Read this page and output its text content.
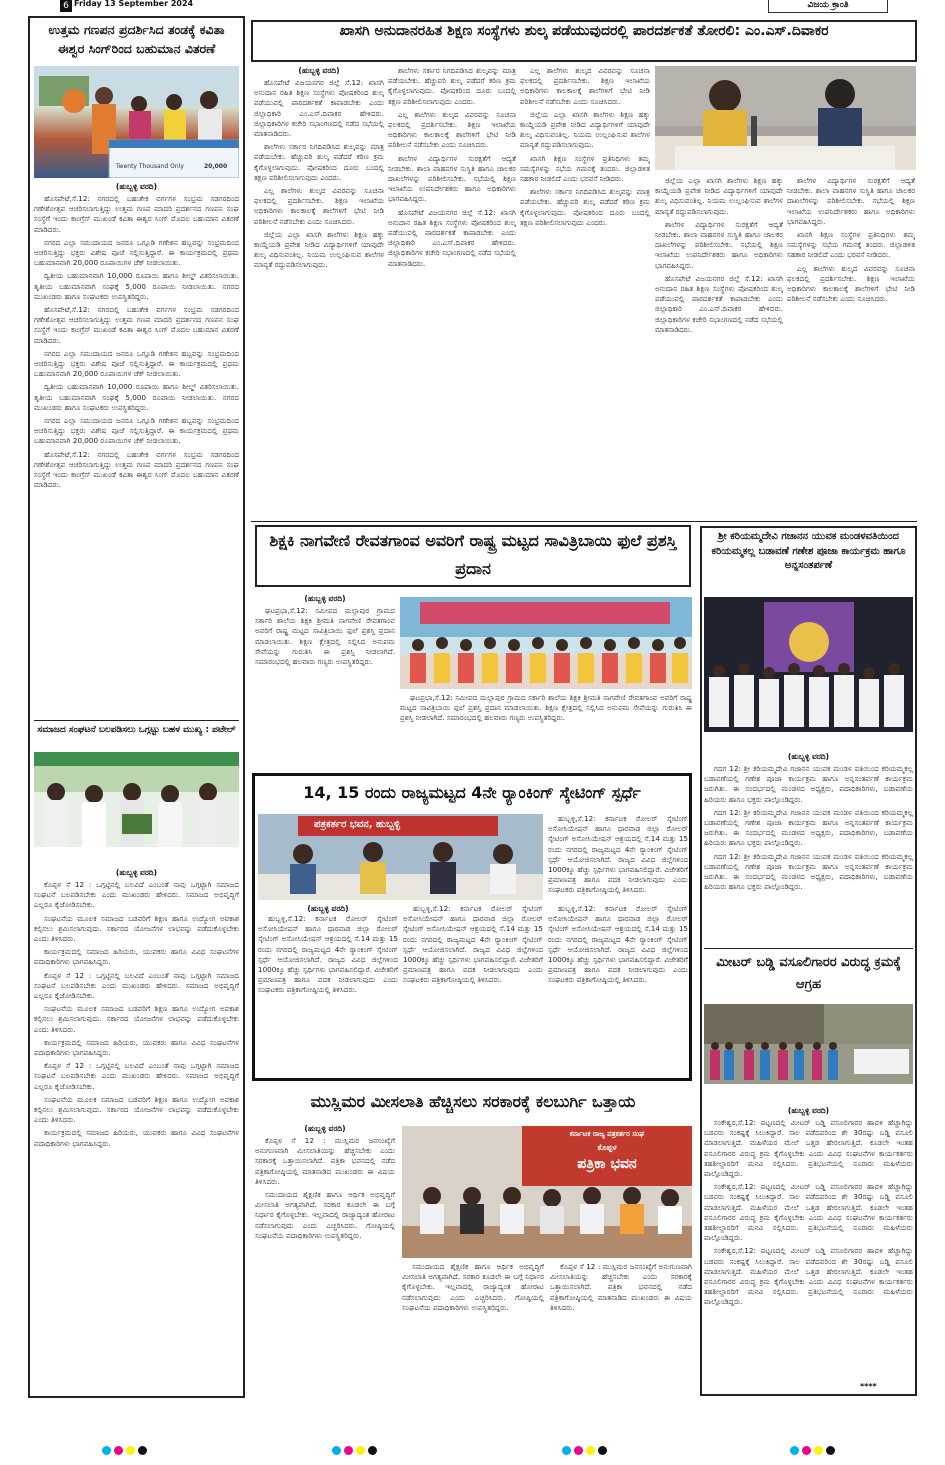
6 Friday 13 September 2024	ವಿಜಯ ಕ್ರಾಂತಿ
ಉತ್ತಮ ಗಣಪನ ಪ್ರದರ್ಶಿಸಿದ ತಂಡಕ್ಕೆ ಕವಿತಾ ಈಶ್ವರ ಸಿಂಗ್‌ರಿಂದ ಬಹುಮಾನ ವಿತರಣೆ
Twenty Thousand Only	20,000
(ಹುಬ್ಬಳ್ಳಿ ವರದಿ)

ಹೊಸಪೇಟೆ,ಸೆ.12: ನಗರದಲ್ಲಿ ಬಹುತೇಕ ವರ್ಗಗಳ ಸಂಭ್ರಮ ಸಡಗರದಿಂದ ಗಣೇಶೋತ್ಸವ ಆಚರಿಸಲಾಗುತ್ತಿದ್ದು ಉತ್ತಮ ಗಣಪ ಮಾದರಿ ಪ್ರದರ್ಶನದ ಗಣಪನ ಸಂಘ ಸಂಸ್ಥೆಗೆ ಇಂದು ಕಾಂಗ್ರೆಸ್ ಮುಖಂಡೆ ಕವಿತಾ ಈಶ್ವರ ಸಿಂಗ್ ಮೊದಲ ಬಹುಮಾನ ವಿತರಣೆ ಮಾಡಿದರು.

ನಗರದ ಎಲ್ಲಾ ಸಮುದಾಯದ ಜನರೂ ಒಗ್ಗೂಡಿ ಗಣೇಶನ ಹಬ್ಬವನ್ನು ಸಂಭ್ರಮದಿಂದ ಆಚರಿಸುತ್ತಿದ್ದು ಭಕ್ತರು ವಿಶೇಷ ಪೂಜೆ ಸಲ್ಲಿಸುತ್ತಿದ್ದಾರೆ. ಈ ಕಾರ್ಯಕ್ರಮದಲ್ಲಿ ಪ್ರಥಮ ಬಹುಮಾನವಾಗಿ 20,000 ರೂಪಾಯಿಗಳ ಚೆಕ್ ನೀಡಲಾಯಿತು.

ದ್ವಿತೀಯ ಬಹುಮಾನವಾಗಿ 10,000 ರೂಪಾಯಿ ಹಾಗೂ ಶೀಲ್ಡ್ ವಿತರಿಸಲಾಯಿತು. ತೃತೀಯ ಬಹುಮಾನವಾಗಿ ಸಂಘಕ್ಕೆ 5,000 ರೂಪಾಯಿ ನೀಡಲಾಯಿತು. ನಗರದ ಮುಖಂಡರು ಹಾಗೂ ಸಂಘಟಕರು ಉಪಸ್ಥಿತರಿದ್ದರು.

ಹೊಸಪೇಟೆ,ಸೆ.12: ನಗರದಲ್ಲಿ ಬಹುತೇಕ ವರ್ಗಗಳ ಸಂಭ್ರಮ ಸಡಗರದಿಂದ ಗಣೇಶೋತ್ಸವ ಆಚರಿಸಲಾಗುತ್ತಿದ್ದು ಉತ್ತಮ ಗಣಪ ಮಾದರಿ ಪ್ರದರ್ಶನದ ಗಣಪನ ಸಂಘ ಸಂಸ್ಥೆಗೆ ಇಂದು ಕಾಂಗ್ರೆಸ್ ಮುಖಂಡೆ ಕವಿತಾ ಈಶ್ವರ ಸಿಂಗ್ ಮೊದಲ ಬಹುಮಾನ ವಿತರಣೆ ಮಾಡಿದರು.

ನಗರದ ಎಲ್ಲಾ ಸಮುದಾಯದ ಜನರೂ ಒಗ್ಗೂಡಿ ಗಣೇಶನ ಹಬ್ಬವನ್ನು ಸಂಭ್ರಮದಿಂದ ಆಚರಿಸುತ್ತಿದ್ದು ಭಕ್ತರು ವಿಶೇಷ ಪೂಜೆ ಸಲ್ಲಿಸುತ್ತಿದ್ದಾರೆ. ಈ ಕಾರ್ಯಕ್ರಮದಲ್ಲಿ ಪ್ರಥಮ ಬಹುಮಾನವಾಗಿ 20,000 ರೂಪಾಯಿಗಳ ಚೆಕ್ ನೀಡಲಾಯಿತು.

ದ್ವಿತೀಯ ಬಹುಮಾನವಾಗಿ 10,000 ರೂಪಾಯಿ ಹಾಗೂ ಶೀಲ್ಡ್ ವಿತರಿಸಲಾಯಿತು. ತೃತೀಯ ಬಹುಮಾನವಾಗಿ ಸಂಘಕ್ಕೆ 5,000 ರೂಪಾಯಿ ನೀಡಲಾಯಿತು. ನಗರದ ಮುಖಂಡರು ಹಾಗೂ ಸಂಘಟಕರು ಉಪಸ್ಥಿತರಿದ್ದರು.

ನಗರದ ಎಲ್ಲಾ ಸಮುದಾಯದ ಜನರೂ ಒಗ್ಗೂಡಿ ಗಣೇಶನ ಹಬ್ಬವನ್ನು ಸಂಭ್ರಮದಿಂದ ಆಚರಿಸುತ್ತಿದ್ದು ಭಕ್ತರು ವಿಶೇಷ ಪೂಜೆ ಸಲ್ಲಿಸುತ್ತಿದ್ದಾರೆ. ಈ ಕಾರ್ಯಕ್ರಮದಲ್ಲಿ ಪ್ರಥಮ ಬಹುಮಾನವಾಗಿ 20,000 ರೂಪಾಯಿಗಳ ಚೆಕ್ ನೀಡಲಾಯಿತು.

ಹೊಸಪೇಟೆ,ಸೆ.12: ನಗರದಲ್ಲಿ ಬಹುತೇಕ ವರ್ಗಗಳ ಸಂಭ್ರಮ ಸಡಗರದಿಂದ ಗಣೇಶೋತ್ಸವ ಆಚರಿಸಲಾಗುತ್ತಿದ್ದು ಉತ್ತಮ ಗಣಪ ಮಾದರಿ ಪ್ರದರ್ಶನದ ಗಣಪನ ಸಂಘ ಸಂಸ್ಥೆಗೆ ಇಂದು ಕಾಂಗ್ರೆಸ್ ಮುಖಂಡೆ ಕವಿತಾ ಈಶ್ವರ ಸಿಂಗ್ ಮೊದಲ ಬಹುಮಾನ ವಿತರಣೆ ಮಾಡಿದರು.

ಸಮಾಜದ ಸಂಘಟನೆ ಬಲಪಡಿಸಲು ಒಗ್ಗಟ್ಟು ಬಹಳ ಮುಖ್ಯ : ಪಟೇಲ್
(ಹುಬ್ಬಳ್ಳಿ ವರದಿ)

ಕೊಪ್ಪಳ ಸೆ 12 : ಒಗ್ಗಟ್ಟಿನಲ್ಲಿ ಬಲವಿದೆ ಎಂಬಂತೆ ನಾವು ಒಗ್ಗಟ್ಟಾಗಿ ಸಮಾಜದ ಸಂಘಟನೆ ಬಲಪಡಿಸಬೇಕು ಎಂದು ಮುಖಂಡರು ಹೇಳಿದರು. ಸಮಾಜದ ಅಭಿವೃದ್ಧಿಗೆ ಎಲ್ಲರೂ ಕೈಜೋಡಿಸಬೇಕು.

ಸಂಘಟನೆಯ ಮೂಲಕ ಸಮಾಜದ ಬಡವರಿಗೆ ಶಿಕ್ಷಣ ಹಾಗೂ ಉದ್ಯೋಗ ಅವಕಾಶ ಕಲ್ಪಿಸಲು ಶ್ರಮಿಸಲಾಗುವುದು. ಸರ್ಕಾರದ ಯೋಜನೆಗಳ ಲಾಭವನ್ನು ಪಡೆದುಕೊಳ್ಳಬೇಕು ಎಂದು ತಿಳಿಸಿದರು.

ಕಾರ್ಯಕ್ರಮದಲ್ಲಿ ಸಮಾಜದ ಹಿರಿಯರು, ಯುವಕರು ಹಾಗೂ ವಿವಿಧ ಸಂಘಟನೆಗಳ ಪದಾಧಿಕಾರಿಗಳು ಭಾಗವಹಿಸಿದ್ದರು.

ಕೊಪ್ಪಳ ಸೆ 12 : ಒಗ್ಗಟ್ಟಿನಲ್ಲಿ ಬಲವಿದೆ ಎಂಬಂತೆ ನಾವು ಒಗ್ಗಟ್ಟಾಗಿ ಸಮಾಜದ ಸಂಘಟನೆ ಬಲಪಡಿಸಬೇಕು ಎಂದು ಮುಖಂಡರು ಹೇಳಿದರು. ಸಮಾಜದ ಅಭಿವೃದ್ಧಿಗೆ ಎಲ್ಲರೂ ಕೈಜೋಡಿಸಬೇಕು.

ಸಂಘಟನೆಯ ಮೂಲಕ ಸಮಾಜದ ಬಡವರಿಗೆ ಶಿಕ್ಷಣ ಹಾಗೂ ಉದ್ಯೋಗ ಅವಕಾಶ ಕಲ್ಪಿಸಲು ಶ್ರಮಿಸಲಾಗುವುದು. ಸರ್ಕಾರದ ಯೋಜನೆಗಳ ಲಾಭವನ್ನು ಪಡೆದುಕೊಳ್ಳಬೇಕು ಎಂದು ತಿಳಿಸಿದರು.

ಕಾರ್ಯಕ್ರಮದಲ್ಲಿ ಸಮಾಜದ ಹಿರಿಯರು, ಯುವಕರು ಹಾಗೂ ವಿವಿಧ ಸಂಘಟನೆಗಳ ಪದಾಧಿಕಾರಿಗಳು ಭಾಗವಹಿಸಿದ್ದರು.

ಕೊಪ್ಪಳ ಸೆ 12 : ಒಗ್ಗಟ್ಟಿನಲ್ಲಿ ಬಲವಿದೆ ಎಂಬಂತೆ ನಾವು ಒಗ್ಗಟ್ಟಾಗಿ ಸಮಾಜದ ಸಂಘಟನೆ ಬಲಪಡಿಸಬೇಕು ಎಂದು ಮುಖಂಡರು ಹೇಳಿದರು. ಸಮಾಜದ ಅಭಿವೃದ್ಧಿಗೆ ಎಲ್ಲರೂ ಕೈಜೋಡಿಸಬೇಕು.

ಸಂಘಟನೆಯ ಮೂಲಕ ಸಮಾಜದ ಬಡವರಿಗೆ ಶಿಕ್ಷಣ ಹಾಗೂ ಉದ್ಯೋಗ ಅವಕಾಶ ಕಲ್ಪಿಸಲು ಶ್ರಮಿಸಲಾಗುವುದು. ಸರ್ಕಾರದ ಯೋಜನೆಗಳ ಲಾಭವನ್ನು ಪಡೆದುಕೊಳ್ಳಬೇಕು ಎಂದು ತಿಳಿಸಿದರು.

ಕಾರ್ಯಕ್ರಮದಲ್ಲಿ ಸಮಾಜದ ಹಿರಿಯರು, ಯುವಕರು ಹಾಗೂ ವಿವಿಧ ಸಂಘಟನೆಗಳ ಪದಾಧಿಕಾರಿಗಳು ಭಾಗವಹಿಸಿದ್ದರು.

ಖಾಸಗಿ ಅನುದಾನರಹಿತ ಶಿಕ್ಷಣ ಸಂಸ್ಥೆಗಳು ಶುಲ್ಕ ಪಡೆಯುವುದರಲ್ಲಿ ಪಾರದರ್ಶಕತೆ ತೋರಲಿ: ಎಂ.ಎಸ್.ದಿವಾಕರ
(ಹುಬ್ಬಳ್ಳಿ ವರದಿ)

ಹೊಸಪೇಟೆ ವಿಜಯನಗರ ಜಿಲ್ಲೆ ಸೆ.12: ಖಾಸಗಿ ಅನುದಾನ ರಹಿತ ಶಿಕ್ಷಣ ಸಂಸ್ಥೆಗಳು ಪೋಷಕರಿಂದ ಶುಲ್ಕ ಪಡೆಯುವಲ್ಲಿ ಪಾರದರ್ಶಕತೆ ಕಾಪಾಡಬೇಕು ಎಂದು ಜಿಲ್ಲಾಧಿಕಾರಿ ಎಂ.ಎಸ್.ದಿವಾಕರ ಹೇಳಿದರು. ಜಿಲ್ಲಾಧಿಕಾರಿಗಳ ಕಚೇರಿ ಸಭಾಂಗಣದಲ್ಲಿ ನಡೆದ ಸಭೆಯಲ್ಲಿ ಮಾತನಾಡಿದರು.

ಶಾಲೆಗಳು ಸರ್ಕಾರ ನಿಗದಿಪಡಿಸಿದ ಶುಲ್ಕವನ್ನು ಮಾತ್ರ ಪಡೆಯಬೇಕು. ಹೆಚ್ಚುವರಿ ಶುಲ್ಕ ಪಡೆದರೆ ಕಠಿಣ ಕ್ರಮ ಕೈಗೊಳ್ಳಲಾಗುವುದು. ಪೋಷಕರಿಂದ ದೂರು ಬಂದಲ್ಲಿ ತಕ್ಷಣ ಪರಿಶೀಲಿಸಲಾಗುವುದು ಎಂದರು.

ಎಲ್ಲ ಶಾಲೆಗಳು ಶುಲ್ಕದ ವಿವರವನ್ನು ಸೂಚನಾ ಫಲಕದಲ್ಲಿ ಪ್ರದರ್ಶಿಸಬೇಕು. ಶಿಕ್ಷಣ ಇಲಾಖೆಯ ಅಧಿಕಾರಿಗಳು ಕಾಲಕಾಲಕ್ಕೆ ಶಾಲೆಗಳಿಗೆ ಭೇಟಿ ನೀಡಿ ಪರಿಶೀಲನೆ ನಡೆಸಬೇಕು ಎಂದು ಸೂಚಿಸಿದರು.

ಜಿಲ್ಲೆಯ ಎಲ್ಲಾ ಖಾಸಗಿ ಶಾಲೆಗಳು ಶಿಕ್ಷಣ ಹಕ್ಕು ಕಾಯ್ದೆಯಡಿ ಪ್ರವೇಶ ನೀಡಿದ ವಿದ್ಯಾರ್ಥಿಗಳಿಗೆ ಯಾವುದೇ ಶುಲ್ಕ ವಿಧಿಸುವಂತಿಲ್ಲ. ನಿಯಮ ಉಲ್ಲಂಘಿಸುವ ಶಾಲೆಗಳ ಮಾನ್ಯತೆ ರದ್ದುಪಡಿಸಲಾಗುವುದು.

ಶಾಲೆಗಳು ಸರ್ಕಾರ ನಿಗದಿಪಡಿಸಿದ ಶುಲ್ಕವನ್ನು ಮಾತ್ರ ಪಡೆಯಬೇಕು. ಹೆಚ್ಚುವರಿ ಶುಲ್ಕ ಪಡೆದರೆ ಕಠಿಣ ಕ್ರಮ ಕೈಗೊಳ್ಳಲಾಗುವುದು. ಪೋಷಕರಿಂದ ದೂರು ಬಂದಲ್ಲಿ ತಕ್ಷಣ ಪರಿಶೀಲಿಸಲಾಗುವುದು ಎಂದರು.

ಎಲ್ಲ ಶಾಲೆಗಳು ಶುಲ್ಕದ ವಿವರವನ್ನು ಸೂಚನಾ ಫಲಕದಲ್ಲಿ ಪ್ರದರ್ಶಿಸಬೇಕು. ಶಿಕ್ಷಣ ಇಲಾಖೆಯ ಅಧಿಕಾರಿಗಳು ಕಾಲಕಾಲಕ್ಕೆ ಶಾಲೆಗಳಿಗೆ ಭೇಟಿ ನೀಡಿ ಪರಿಶೀಲನೆ ನಡೆಸಬೇಕು ಎಂದು ಸೂಚಿಸಿದರು.

ಶಾಲೆಗಳ ವಿದ್ಯಾರ್ಥಿಗಳ ಸುರಕ್ಷತೆಗೆ ಆದ್ಯತೆ ನೀಡಬೇಕು. ಶಾಲಾ ವಾಹನಗಳ ಸುಸ್ಥಿತಿ ಹಾಗೂ ಚಾಲಕರ ದಾಖಲೆಗಳನ್ನು ಪರಿಶೀಲಿಸಬೇಕು. ಸಭೆಯಲ್ಲಿ ಶಿಕ್ಷಣ ಇಲಾಖೆಯ ಉಪನಿರ್ದೇಶಕರು ಹಾಗೂ ಅಧಿಕಾರಿಗಳು ಭಾಗವಹಿಸಿದ್ದರು.

ಹೊಸಪೇಟೆ ವಿಜಯನಗರ ಜಿಲ್ಲೆ ಸೆ.12: ಖಾಸಗಿ ಅನುದಾನ ರಹಿತ ಶಿಕ್ಷಣ ಸಂಸ್ಥೆಗಳು ಪೋಷಕರಿಂದ ಶುಲ್ಕ ಪಡೆಯುವಲ್ಲಿ ಪಾರದರ್ಶಕತೆ ಕಾಪಾಡಬೇಕು ಎಂದು ಜಿಲ್ಲಾಧಿಕಾರಿ ಎಂ.ಎಸ್.ದಿವಾಕರ ಹೇಳಿದರು. ಜಿಲ್ಲಾಧಿಕಾರಿಗಳ ಕಚೇರಿ ಸಭಾಂಗಣದಲ್ಲಿ ನಡೆದ ಸಭೆಯಲ್ಲಿ ಮಾತನಾಡಿದರು.

ಎಲ್ಲ ಶಾಲೆಗಳು ಶುಲ್ಕದ ವಿವರವನ್ನು ಸೂಚನಾ ಫಲಕದಲ್ಲಿ ಪ್ರದರ್ಶಿಸಬೇಕು. ಶಿಕ್ಷಣ ಇಲಾಖೆಯ ಅಧಿಕಾರಿಗಳು ಕಾಲಕಾಲಕ್ಕೆ ಶಾಲೆಗಳಿಗೆ ಭೇಟಿ ನೀಡಿ ಪರಿಶೀಲನೆ ನಡೆಸಬೇಕು ಎಂದು ಸೂಚಿಸಿದರು.

ಜಿಲ್ಲೆಯ ಎಲ್ಲಾ ಖಾಸಗಿ ಶಾಲೆಗಳು ಶಿಕ್ಷಣ ಹಕ್ಕು ಕಾಯ್ದೆಯಡಿ ಪ್ರವೇಶ ನೀಡಿದ ವಿದ್ಯಾರ್ಥಿಗಳಿಗೆ ಯಾವುದೇ ಶುಲ್ಕ ವಿಧಿಸುವಂತಿಲ್ಲ. ನಿಯಮ ಉಲ್ಲಂಘಿಸುವ ಶಾಲೆಗಳ ಮಾನ್ಯತೆ ರದ್ದುಪಡಿಸಲಾಗುವುದು.

ಖಾಸಗಿ ಶಿಕ್ಷಣ ಸಂಸ್ಥೆಗಳ ಪ್ರತಿನಿಧಿಗಳು ತಮ್ಮ ಸಮಸ್ಯೆಗಳನ್ನು ಸಭೆಯ ಗಮನಕ್ಕೆ ತಂದರು. ಜಿಲ್ಲಾಡಳಿತ ಸಹಕಾರ ನೀಡಲಿದೆ ಎಂದು ಭರವಸೆ ನೀಡಿದರು.

ಶಾಲೆಗಳು ಸರ್ಕಾರ ನಿಗದಿಪಡಿಸಿದ ಶುಲ್ಕವನ್ನು ಮಾತ್ರ ಪಡೆಯಬೇಕು. ಹೆಚ್ಚುವರಿ ಶುಲ್ಕ ಪಡೆದರೆ ಕಠಿಣ ಕ್ರಮ ಕೈಗೊಳ್ಳಲಾಗುವುದು. ಪೋಷಕರಿಂದ ದೂರು ಬಂದಲ್ಲಿ ತಕ್ಷಣ ಪರಿಶೀಲಿಸಲಾಗುವುದು ಎಂದರು.

ಜಿಲ್ಲೆಯ ಎಲ್ಲಾ ಖಾಸಗಿ ಶಾಲೆಗಳು ಶಿಕ್ಷಣ ಹಕ್ಕು ಕಾಯ್ದೆಯಡಿ ಪ್ರವೇಶ ನೀಡಿದ ವಿದ್ಯಾರ್ಥಿಗಳಿಗೆ ಯಾವುದೇ ಶುಲ್ಕ ವಿಧಿಸುವಂತಿಲ್ಲ. ನಿಯಮ ಉಲ್ಲಂಘಿಸುವ ಶಾಲೆಗಳ ಮಾನ್ಯತೆ ರದ್ದುಪಡಿಸಲಾಗುವುದು.

ಶಾಲೆಗಳ ವಿದ್ಯಾರ್ಥಿಗಳ ಸುರಕ್ಷತೆಗೆ ಆದ್ಯತೆ ನೀಡಬೇಕು. ಶಾಲಾ ವಾಹನಗಳ ಸುಸ್ಥಿತಿ ಹಾಗೂ ಚಾಲಕರ ದಾಖಲೆಗಳನ್ನು ಪರಿಶೀಲಿಸಬೇಕು. ಸಭೆಯಲ್ಲಿ ಶಿಕ್ಷಣ ಇಲಾಖೆಯ ಉಪನಿರ್ದೇಶಕರು ಹಾಗೂ ಅಧಿಕಾರಿಗಳು ಭಾಗವಹಿಸಿದ್ದರು.

ಹೊಸಪೇಟೆ ವಿಜಯನಗರ ಜಿಲ್ಲೆ ಸೆ.12: ಖಾಸಗಿ ಅನುದಾನ ರಹಿತ ಶಿಕ್ಷಣ ಸಂಸ್ಥೆಗಳು ಪೋಷಕರಿಂದ ಶುಲ್ಕ ಪಡೆಯುವಲ್ಲಿ ಪಾರದರ್ಶಕತೆ ಕಾಪಾಡಬೇಕು ಎಂದು ಜಿಲ್ಲಾಧಿಕಾರಿ ಎಂ.ಎಸ್.ದಿವಾಕರ ಹೇಳಿದರು. ಜಿಲ್ಲಾಧಿಕಾರಿಗಳ ಕಚೇರಿ ಸಭಾಂಗಣದಲ್ಲಿ ನಡೆದ ಸಭೆಯಲ್ಲಿ ಮಾತನಾಡಿದರು.

ಶಾಲೆಗಳ ವಿದ್ಯಾರ್ಥಿಗಳ ಸುರಕ್ಷತೆಗೆ ಆದ್ಯತೆ ನೀಡಬೇಕು. ಶಾಲಾ ವಾಹನಗಳ ಸುಸ್ಥಿತಿ ಹಾಗೂ ಚಾಲಕರ ದಾಖಲೆಗಳನ್ನು ಪರಿಶೀಲಿಸಬೇಕು. ಸಭೆಯಲ್ಲಿ ಶಿಕ್ಷಣ ಇಲಾಖೆಯ ಉಪನಿರ್ದೇಶಕರು ಹಾಗೂ ಅಧಿಕಾರಿಗಳು ಭಾಗವಹಿಸಿದ್ದರು.

ಖಾಸಗಿ ಶಿಕ್ಷಣ ಸಂಸ್ಥೆಗಳ ಪ್ರತಿನಿಧಿಗಳು ತಮ್ಮ ಸಮಸ್ಯೆಗಳನ್ನು ಸಭೆಯ ಗಮನಕ್ಕೆ ತಂದರು. ಜಿಲ್ಲಾಡಳಿತ ಸಹಕಾರ ನೀಡಲಿದೆ ಎಂದು ಭರವಸೆ ನೀಡಿದರು.

ಎಲ್ಲ ಶಾಲೆಗಳು ಶುಲ್ಕದ ವಿವರವನ್ನು ಸೂಚನಾ ಫಲಕದಲ್ಲಿ ಪ್ರದರ್ಶಿಸಬೇಕು. ಶಿಕ್ಷಣ ಇಲಾಖೆಯ ಅಧಿಕಾರಿಗಳು ಕಾಲಕಾಲಕ್ಕೆ ಶಾಲೆಗಳಿಗೆ ಭೇಟಿ ನೀಡಿ ಪರಿಶೀಲನೆ ನಡೆಸಬೇಕು ಎಂದು ಸೂಚಿಸಿದರು.

ಶಿಕ್ಷಕಿ ನಾಗವೇಣಿ ರೇವತಗಾಂವ ಅವರಿಗೆ ರಾಷ್ಟ್ರ ಮಟ್ಟದ ಸಾವಿತ್ರಿಬಾಯಿ ಫುಲೆ ಪ್ರಶಸ್ತಿ ಪ್ರದಾನ
(ಹುಬ್ಬಳ್ಳಿ ವರದಿ)

ಘಟಪ್ರಭಾ,ಸೆ.12: ಸಮೀಪದ ಮಲ್ಲಾಪುರ ಗ್ರಾಮದ ಸರ್ಕಾರಿ ಶಾಲೆಯ ಶಿಕ್ಷಕಿ ಶ್ರೀಮತಿ ನಾಗವೇಣಿ ರೇವತಗಾಂವ ಅವರಿಗೆ ರಾಷ್ಟ್ರ ಮಟ್ಟದ ಸಾವಿತ್ರಿಬಾಯಿ ಫುಲೆ ಪ್ರಶಸ್ತಿ ಪ್ರದಾನ ಮಾಡಲಾಯಿತು. ಶಿಕ್ಷಣ ಕ್ಷೇತ್ರದಲ್ಲಿ ಸಲ್ಲಿಸಿದ ಅನುಪಮ ಸೇವೆಯನ್ನು ಗುರುತಿಸಿ ಈ ಪ್ರಶಸ್ತಿ ನೀಡಲಾಗಿದೆ. ಸಮಾರಂಭದಲ್ಲಿ ಹಲವಾರು ಗಣ್ಯರು ಉಪಸ್ಥಿತರಿದ್ದರು.

ಘಟಪ್ರಭಾ,ಸೆ.12: ಸಮೀಪದ ಮಲ್ಲಾಪುರ ಗ್ರಾಮದ ಸರ್ಕಾರಿ ಶಾಲೆಯ ಶಿಕ್ಷಕಿ ಶ್ರೀಮತಿ ನಾಗವೇಣಿ ರೇವತಗಾಂವ ಅವರಿಗೆ ರಾಷ್ಟ್ರ ಮಟ್ಟದ ಸಾವಿತ್ರಿಬಾಯಿ ಫುಲೆ ಪ್ರಶಸ್ತಿ ಪ್ರದಾನ ಮಾಡಲಾಯಿತು. ಶಿಕ್ಷಣ ಕ್ಷೇತ್ರದಲ್ಲಿ ಸಲ್ಲಿಸಿದ ಅನುಪಮ ಸೇವೆಯನ್ನು ಗುರುತಿಸಿ ಈ ಪ್ರಶಸ್ತಿ ನೀಡಲಾಗಿದೆ. ಸಮಾರಂಭದಲ್ಲಿ ಹಲವಾರು ಗಣ್ಯರು ಉಪಸ್ಥಿತರಿದ್ದರು.

ಶ್ರೀ ಕರಿಯಮ್ಮದೇವಿ ಗಜಾನನ ಯುವಕ ಮಂಡಳವತಿಯಿಂದ ಕರಿಯಮ್ಮಕಲ್ಲ ಬಡಾವಣೆ ಗಣೇಶ ಪೂಜಾ ಕಾರ್ಯಕ್ರಮ ಹಾಗೂ ಅನ್ನಸಂತರ್ಪಣೆ
(ಹುಬ್ಬಳ್ಳಿ ವರದಿ)

ಗದಗ 12: ಶ್ರೀ ಕರಿಯಮ್ಮದೇವಿ ಗಜಾನನ ಯುವಕ ಮಂಡಳ ವತಿಯಿಂದ ಕರಿಯಮ್ಮಕಲ್ಲ ಬಡಾವಣೆಯಲ್ಲಿ ಗಣೇಶ ಪೂಜಾ ಕಾರ್ಯಕ್ರಮ ಹಾಗೂ ಅನ್ನಸಂತರ್ಪಣೆ ಕಾರ್ಯಕ್ರಮ ಜರುಗಿತು. ಈ ಸಂದರ್ಭದಲ್ಲಿ ಮಂಡಳದ ಅಧ್ಯಕ್ಷರು, ಪದಾಧಿಕಾರಿಗಳು, ಬಡಾವಣೆಯ ಹಿರಿಯರು ಹಾಗೂ ಭಕ್ತರು ಪಾಲ್ಗೊಂಡಿದ್ದರು.

ಗದಗ 12: ಶ್ರೀ ಕರಿಯಮ್ಮದೇವಿ ಗಜಾನನ ಯುವಕ ಮಂಡಳ ವತಿಯಿಂದ ಕರಿಯಮ್ಮಕಲ್ಲ ಬಡಾವಣೆಯಲ್ಲಿ ಗಣೇಶ ಪೂಜಾ ಕಾರ್ಯಕ್ರಮ ಹಾಗೂ ಅನ್ನಸಂತರ್ಪಣೆ ಕಾರ್ಯಕ್ರಮ ಜರುಗಿತು. ಈ ಸಂದರ್ಭದಲ್ಲಿ ಮಂಡಳದ ಅಧ್ಯಕ್ಷರು, ಪದಾಧಿಕಾರಿಗಳು, ಬಡಾವಣೆಯ ಹಿರಿಯರು ಹಾಗೂ ಭಕ್ತರು ಪಾಲ್ಗೊಂಡಿದ್ದರು.

ಗದಗ 12: ಶ್ರೀ ಕರಿಯಮ್ಮದೇವಿ ಗಜಾನನ ಯುವಕ ಮಂಡಳ ವತಿಯಿಂದ ಕರಿಯಮ್ಮಕಲ್ಲ ಬಡಾವಣೆಯಲ್ಲಿ ಗಣೇಶ ಪೂಜಾ ಕಾರ್ಯಕ್ರಮ ಹಾಗೂ ಅನ್ನಸಂತರ್ಪಣೆ ಕಾರ್ಯಕ್ರಮ ಜರುಗಿತು. ಈ ಸಂದರ್ಭದಲ್ಲಿ ಮಂಡಳದ ಅಧ್ಯಕ್ಷರು, ಪದಾಧಿಕಾರಿಗಳು, ಬಡಾವಣೆಯ ಹಿರಿಯರು ಹಾಗೂ ಭಕ್ತರು ಪಾಲ್ಗೊಂಡಿದ್ದರು.

ಮೀಟರ್ ಬಡ್ಡಿ ವಸೂಲಿಗಾರರ ವಿರುದ್ಧ ಕ್ರಮಕ್ಕೆ ಆಗ್ರಹ
(ಹುಬ್ಬಳ್ಳಿ ವರದಿ)

ಸಂಕೇಶ್ವರ,ಸೆ.12: ಪಟ್ಟಣದಲ್ಲಿ ಮೀಟರ್ ಬಡ್ಡಿ ವಸೂಲಿಗಾರರ ಹಾವಳಿ ಹೆಚ್ಚಾಗಿದ್ದು ಬಡವರು ಸಂಕಷ್ಟಕ್ಕೆ ಸಿಲುಕಿದ್ದಾರೆ. ಸಾಲ ಪಡೆದವರಿಂದ ಶೇ 30ರಷ್ಟು ಬಡ್ಡಿ ವಸೂಲಿ ಮಾಡಲಾಗುತ್ತಿದೆ. ಮಹಿಳೆಯರ ಮೇಲೆ ಒತ್ತಡ ಹೇರಲಾಗುತ್ತಿದೆ. ಕೂಡಲೇ ಇಂತಹ ವಸೂಲಿಗಾರರ ವಿರುದ್ಧ ಕ್ರಮ ಕೈಗೊಳ್ಳಬೇಕು ಎಂದು ವಿವಿಧ ಸಂಘಟನೆಗಳ ಕಾರ್ಯಕರ್ತರು ತಹಶೀಲ್ದಾರರಿಗೆ ಮನವಿ ಸಲ್ಲಿಸಿದರು. ಪ್ರತಿಭಟನೆಯಲ್ಲಿ ನೂರಾರು ಮಹಿಳೆಯರು ಪಾಲ್ಗೊಂಡಿದ್ದರು.

ಸಂಕೇಶ್ವರ,ಸೆ.12: ಪಟ್ಟಣದಲ್ಲಿ ಮೀಟರ್ ಬಡ್ಡಿ ವಸೂಲಿಗಾರರ ಹಾವಳಿ ಹೆಚ್ಚಾಗಿದ್ದು ಬಡವರು ಸಂಕಷ್ಟಕ್ಕೆ ಸಿಲುಕಿದ್ದಾರೆ. ಸಾಲ ಪಡೆದವರಿಂದ ಶೇ 30ರಷ್ಟು ಬಡ್ಡಿ ವಸೂಲಿ ಮಾಡಲಾಗುತ್ತಿದೆ. ಮಹಿಳೆಯರ ಮೇಲೆ ಒತ್ತಡ ಹೇರಲಾಗುತ್ತಿದೆ. ಕೂಡಲೇ ಇಂತಹ ವಸೂಲಿಗಾರರ ವಿರುದ್ಧ ಕ್ರಮ ಕೈಗೊಳ್ಳಬೇಕು ಎಂದು ವಿವಿಧ ಸಂಘಟನೆಗಳ ಕಾರ್ಯಕರ್ತರು ತಹಶೀಲ್ದಾರರಿಗೆ ಮನವಿ ಸಲ್ಲಿಸಿದರು. ಪ್ರತಿಭಟನೆಯಲ್ಲಿ ನೂರಾರು ಮಹಿಳೆಯರು ಪಾಲ್ಗೊಂಡಿದ್ದರು.

ಸಂಕೇಶ್ವರ,ಸೆ.12: ಪಟ್ಟಣದಲ್ಲಿ ಮೀಟರ್ ಬಡ್ಡಿ ವಸೂಲಿಗಾರರ ಹಾವಳಿ ಹೆಚ್ಚಾಗಿದ್ದು ಬಡವರು ಸಂಕಷ್ಟಕ್ಕೆ ಸಿಲುಕಿದ್ದಾರೆ. ಸಾಲ ಪಡೆದವರಿಂದ ಶೇ 30ರಷ್ಟು ಬಡ್ಡಿ ವಸೂಲಿ ಮಾಡಲಾಗುತ್ತಿದೆ. ಮಹಿಳೆಯರ ಮೇಲೆ ಒತ್ತಡ ಹೇರಲಾಗುತ್ತಿದೆ. ಕೂಡಲೇ ಇಂತಹ ವಸೂಲಿಗಾರರ ವಿರುದ್ಧ ಕ್ರಮ ಕೈಗೊಳ್ಳಬೇಕು ಎಂದು ವಿವಿಧ ಸಂಘಟನೆಗಳ ಕಾರ್ಯಕರ್ತರು ತಹಶೀಲ್ದಾರರಿಗೆ ಮನವಿ ಸಲ್ಲಿಸಿದರು. ಪ್ರತಿಭಟನೆಯಲ್ಲಿ ನೂರಾರು ಮಹಿಳೆಯರು ಪಾಲ್ಗೊಂಡಿದ್ದರು.

****
14, 15 ರಂದು ರಾಜ್ಯಮಟ್ಟದ 4ನೇ ರ‍್ಯಾಂಕಿಂಗ್ ಸ್ಕೇಟಿಂಗ್ ಸ್ಪರ್ಧೆ
ಪತ್ರಕರ್ತರ ಭವನ, ಹುಬ್ಬಳ್ಳಿ

ಹುಬ್ಬಳ್ಳಿ,ಸೆ.12: ಕರ್ನಾಟಕ ರೋಲರ್ ಸ್ಕೇಟಿಂಗ್ ಅಸೋಸಿಯೇಷನ್ ಹಾಗೂ ಧಾರವಾಡ ಜಿಲ್ಲಾ ರೋಲರ್ ಸ್ಕೇಟಿಂಗ್ ಅಸೋಸಿಯೇಷನ್ ಆಶ್ರಯದಲ್ಲಿ ಸೆ.14 ಮತ್ತು 15 ರಂದು ನಗರದಲ್ಲಿ ರಾಜ್ಯಮಟ್ಟದ 4ನೇ ರ‍್ಯಾಂಕಿಂಗ್ ಸ್ಕೇಟಿಂಗ್ ಸ್ಪರ್ಧೆ ಆಯೋಜಿಸಲಾಗಿದೆ. ರಾಜ್ಯದ ವಿವಿಧ ಜಿಲ್ಲೆಗಳಿಂದ 1000ಕ್ಕೂ ಹೆಚ್ಚು ಸ್ಪರ್ಧಿಗಳು ಭಾಗವಹಿಸಲಿದ್ದಾರೆ. ವಿಜೇತರಿಗೆ ಪ್ರಮಾಣಪತ್ರ ಹಾಗೂ ಪದಕ ನೀಡಲಾಗುವುದು ಎಂದು ಸಂಘಟಕರು ಪತ್ರಿಕಾಗೋಷ್ಠಿಯಲ್ಲಿ ತಿಳಿಸಿದರು.

(ಹುಬ್ಬಳ್ಳಿ ವರದಿ)

ಹುಬ್ಬಳ್ಳಿ,ಸೆ.12: ಕರ್ನಾಟಕ ರೋಲರ್ ಸ್ಕೇಟಿಂಗ್ ಅಸೋಸಿಯೇಷನ್ ಹಾಗೂ ಧಾರವಾಡ ಜಿಲ್ಲಾ ರೋಲರ್ ಸ್ಕೇಟಿಂಗ್ ಅಸೋಸಿಯೇಷನ್ ಆಶ್ರಯದಲ್ಲಿ ಸೆ.14 ಮತ್ತು 15 ರಂದು ನಗರದಲ್ಲಿ ರಾಜ್ಯಮಟ್ಟದ 4ನೇ ರ‍್ಯಾಂಕಿಂಗ್ ಸ್ಕೇಟಿಂಗ್ ಸ್ಪರ್ಧೆ ಆಯೋಜಿಸಲಾಗಿದೆ. ರಾಜ್ಯದ ವಿವಿಧ ಜಿಲ್ಲೆಗಳಿಂದ 1000ಕ್ಕೂ ಹೆಚ್ಚು ಸ್ಪರ್ಧಿಗಳು ಭಾಗವಹಿಸಲಿದ್ದಾರೆ. ವಿಜೇತರಿಗೆ ಪ್ರಮಾಣಪತ್ರ ಹಾಗೂ ಪದಕ ನೀಡಲಾಗುವುದು ಎಂದು ಸಂಘಟಕರು ಪತ್ರಿಕಾಗೋಷ್ಠಿಯಲ್ಲಿ ತಿಳಿಸಿದರು.

ಹುಬ್ಬಳ್ಳಿ,ಸೆ.12: ಕರ್ನಾಟಕ ರೋಲರ್ ಸ್ಕೇಟಿಂಗ್ ಅಸೋಸಿಯೇಷನ್ ಹಾಗೂ ಧಾರವಾಡ ಜಿಲ್ಲಾ ರೋಲರ್ ಸ್ಕೇಟಿಂಗ್ ಅಸೋಸಿಯೇಷನ್ ಆಶ್ರಯದಲ್ಲಿ ಸೆ.14 ಮತ್ತು 15 ರಂದು ನಗರದಲ್ಲಿ ರಾಜ್ಯಮಟ್ಟದ 4ನೇ ರ‍್ಯಾಂಕಿಂಗ್ ಸ್ಕೇಟಿಂಗ್ ಸ್ಪರ್ಧೆ ಆಯೋಜಿಸಲಾಗಿದೆ. ರಾಜ್ಯದ ವಿವಿಧ ಜಿಲ್ಲೆಗಳಿಂದ 1000ಕ್ಕೂ ಹೆಚ್ಚು ಸ್ಪರ್ಧಿಗಳು ಭಾಗವಹಿಸಲಿದ್ದಾರೆ. ವಿಜೇತರಿಗೆ ಪ್ರಮಾಣಪತ್ರ ಹಾಗೂ ಪದಕ ನೀಡಲಾಗುವುದು ಎಂದು ಸಂಘಟಕರು ಪತ್ರಿಕಾಗೋಷ್ಠಿಯಲ್ಲಿ ತಿಳಿಸಿದರು.

ಹುಬ್ಬಳ್ಳಿ,ಸೆ.12: ಕರ್ನಾಟಕ ರೋಲರ್ ಸ್ಕೇಟಿಂಗ್ ಅಸೋಸಿಯೇಷನ್ ಹಾಗೂ ಧಾರವಾಡ ಜಿಲ್ಲಾ ರೋಲರ್ ಸ್ಕೇಟಿಂಗ್ ಅಸೋಸಿಯೇಷನ್ ಆಶ್ರಯದಲ್ಲಿ ಸೆ.14 ಮತ್ತು 15 ರಂದು ನಗರದಲ್ಲಿ ರಾಜ್ಯಮಟ್ಟದ 4ನೇ ರ‍್ಯಾಂಕಿಂಗ್ ಸ್ಕೇಟಿಂಗ್ ಸ್ಪರ್ಧೆ ಆಯೋಜಿಸಲಾಗಿದೆ. ರಾಜ್ಯದ ವಿವಿಧ ಜಿಲ್ಲೆಗಳಿಂದ 1000ಕ್ಕೂ ಹೆಚ್ಚು ಸ್ಪರ್ಧಿಗಳು ಭಾಗವಹಿಸಲಿದ್ದಾರೆ. ವಿಜೇತರಿಗೆ ಪ್ರಮಾಣಪತ್ರ ಹಾಗೂ ಪದಕ ನೀಡಲಾಗುವುದು ಎಂದು ಸಂಘಟಕರು ಪತ್ರಿಕಾಗೋಷ್ಠಿಯಲ್ಲಿ ತಿಳಿಸಿದರು.

ಮುಸ್ಲಿಮರ ಮೀಸಲಾತಿ ಹೆಚ್ಚಿಸಲು ಸರಕಾರಕ್ಕೆ ಕಲಬುರ್ಗಿ ಒತ್ತಾಯ
(ಹುಬ್ಬಳ್ಳಿ ವರದಿ)

ಕೊಪ್ಪಳ ಸೆ 12 : ಮುಸ್ಲಿಮರ ಜನಸಂಖ್ಯೆಗೆ ಅನುಗುಣವಾಗಿ ಮೀಸಲಾತಿಯನ್ನು ಹೆಚ್ಚಿಸಬೇಕು ಎಂದು ಸರಕಾರಕ್ಕೆ ಒತ್ತಾಯಿಸಲಾಗಿದೆ. ಪತ್ರಿಕಾ ಭವನದಲ್ಲಿ ನಡೆದ ಪತ್ರಿಕಾಗೋಷ್ಠಿಯಲ್ಲಿ ಮಾತನಾಡಿದ ಮುಖಂಡರು ಈ ವಿಷಯ ತಿಳಿಸಿದರು.

ಸಮುದಾಯದ ಶೈಕ್ಷಣಿಕ ಹಾಗೂ ಆರ್ಥಿಕ ಅಭಿವೃದ್ಧಿಗೆ ಮೀಸಲಾತಿ ಅಗತ್ಯವಾಗಿದೆ. ಸರಕಾರ ಕೂಡಲೇ ಈ ಬಗ್ಗೆ ನಿರ್ಧಾರ ಕೈಗೊಳ್ಳಬೇಕು. ಇಲ್ಲವಾದಲ್ಲಿ ರಾಜ್ಯಾದ್ಯಂತ ಹೋರಾಟ ನಡೆಸಲಾಗುವುದು ಎಂದು ಎಚ್ಚರಿಸಿದರು. ಗೋಷ್ಠಿಯಲ್ಲಿ ಸಂಘಟನೆಯ ಪದಾಧಿಕಾರಿಗಳು ಉಪಸ್ಥಿತರಿದ್ದರು.

ಕರ್ನಾಟಕ ರಾಜ್ಯ ಪತ್ರಕರ್ತರ ಸಂಘ
ಕೊಪ್ಪಳ
ಪತ್ರಿಕಾ ಭವನ

ಸಮುದಾಯದ ಶೈಕ್ಷಣಿಕ ಹಾಗೂ ಆರ್ಥಿಕ ಅಭಿವೃದ್ಧಿಗೆ ಮೀಸಲಾತಿ ಅಗತ್ಯವಾಗಿದೆ. ಸರಕಾರ ಕೂಡಲೇ ಈ ಬಗ್ಗೆ ನಿರ್ಧಾರ ಕೈಗೊಳ್ಳಬೇಕು. ಇಲ್ಲವಾದಲ್ಲಿ ರಾಜ್ಯಾದ್ಯಂತ ಹೋರಾಟ ನಡೆಸಲಾಗುವುದು ಎಂದು ಎಚ್ಚರಿಸಿದರು. ಗೋಷ್ಠಿಯಲ್ಲಿ ಸಂಘಟನೆಯ ಪದಾಧಿಕಾರಿಗಳು ಉಪಸ್ಥಿತರಿದ್ದರು.

ಕೊಪ್ಪಳ ಸೆ 12 : ಮುಸ್ಲಿಮರ ಜನಸಂಖ್ಯೆಗೆ ಅನುಗುಣವಾಗಿ ಮೀಸಲಾತಿಯನ್ನು ಹೆಚ್ಚಿಸಬೇಕು ಎಂದು ಸರಕಾರಕ್ಕೆ ಒತ್ತಾಯಿಸಲಾಗಿದೆ. ಪತ್ರಿಕಾ ಭವನದಲ್ಲಿ ನಡೆದ ಪತ್ರಿಕಾಗೋಷ್ಠಿಯಲ್ಲಿ ಮಾತನಾಡಿದ ಮುಖಂಡರು ಈ ವಿಷಯ ತಿಳಿಸಿದರು.
